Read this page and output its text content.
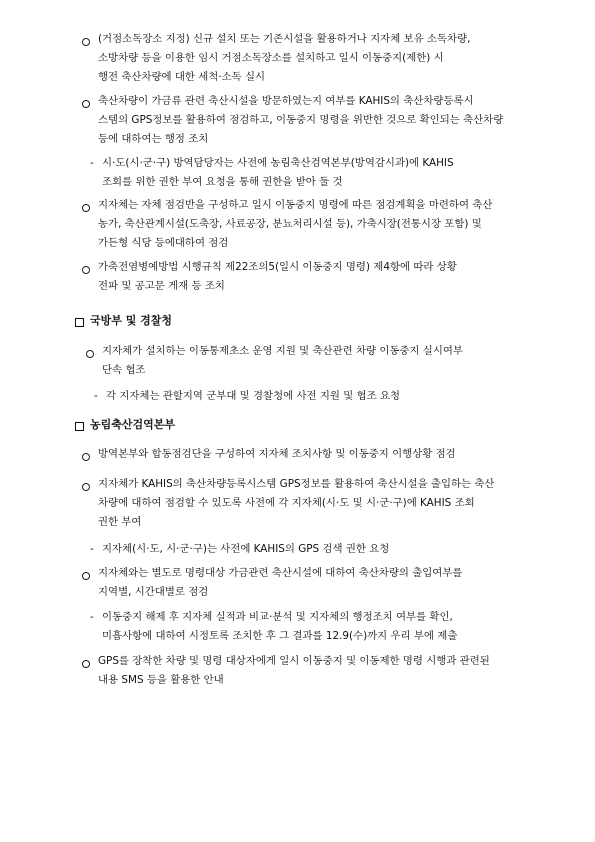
(거점소독장소 지정) 신규 설치 또는 기존시설을 활용하거나 지자체 보유 소독차량,
소방차량 등을 이용한 임시 거점소독장소를 설치하고 일시 이동중지(제한) 시
행전 축산차량에 대한 세척·소독 실시
축산차량이 가금류 관련 축산시설을 방문하였는지 여부를 KAHIS의 축산차량등록시
스템의 GPS정보를 활용하여 점검하고, 이동중지 명령을 위반한 것으로 확인되는 축산차량
등에 대하여는 행정 조치
- 시·도(시·군·구) 방역담당자는 사전에 농림축산검역본부(방역감시과)에 KAHIS
조회를 위한 권한 부여 요청을 통해 권한을 받아 둘 것
지자체는 자체 점검반을 구성하고 일시 이동중지 명령에 따른 점검계획을 마련하여 축산
농가, 축산관계시설(도축장, 사료공장, 분뇨처리시설 등), 가축시장(전통시장 포함) 및
가든형 식당 등에대하여 점검
가축전염병예방법 시행규칙 제22조의5(일시 이동중지 명령) 제4항에 따라 상황
전파 및 공고문 게재 등 조치
국방부 및 경찰청
지자체가 설치하는 이동통제초소 운영 지원 및 축산관련 차량 이동중지 실시여부
단속 협조
- 각 지자체는 관할지역 군부대 및 경찰청에 사전 지원 및 협조 요청
농림축산검역본부
방역본부와 합동점검단을 구성하여 지자체 조치사항 및 이동중지 이행상황 점검
지자체가 KAHIS의 축산차량등록시스템 GPS정보를 활용하여 축산시설을 출입하는 축산
차량에 대하여 점검할 수 있도록 사전에 각 지자체(시·도 및 시·군·구)에 KAHIS 조회
권한 부여
- 지자체(시·도, 시·군·구)는 사전에 KAHIS의 GPS 검색 권한 요청
지자체와는 별도로 명령대상 가금관련 축산시설에 대하여 축산차량의 출입여부를
지역별, 시간대별로 점검
- 이동중지 해제 후 지자체 실적과 비교·분석 및 지자체의 행정조치 여부를 확인,
미흡사항에 대하여 시정토록 조치한 후 그 결과를 12.9(수)까지 우리 부에 제출
GPS를 장착한 차량 및 명령 대상자에게 일시 이동중지 및 이동제한 명령 시행과 관련된
내용 SMS 등을 활용한 안내
